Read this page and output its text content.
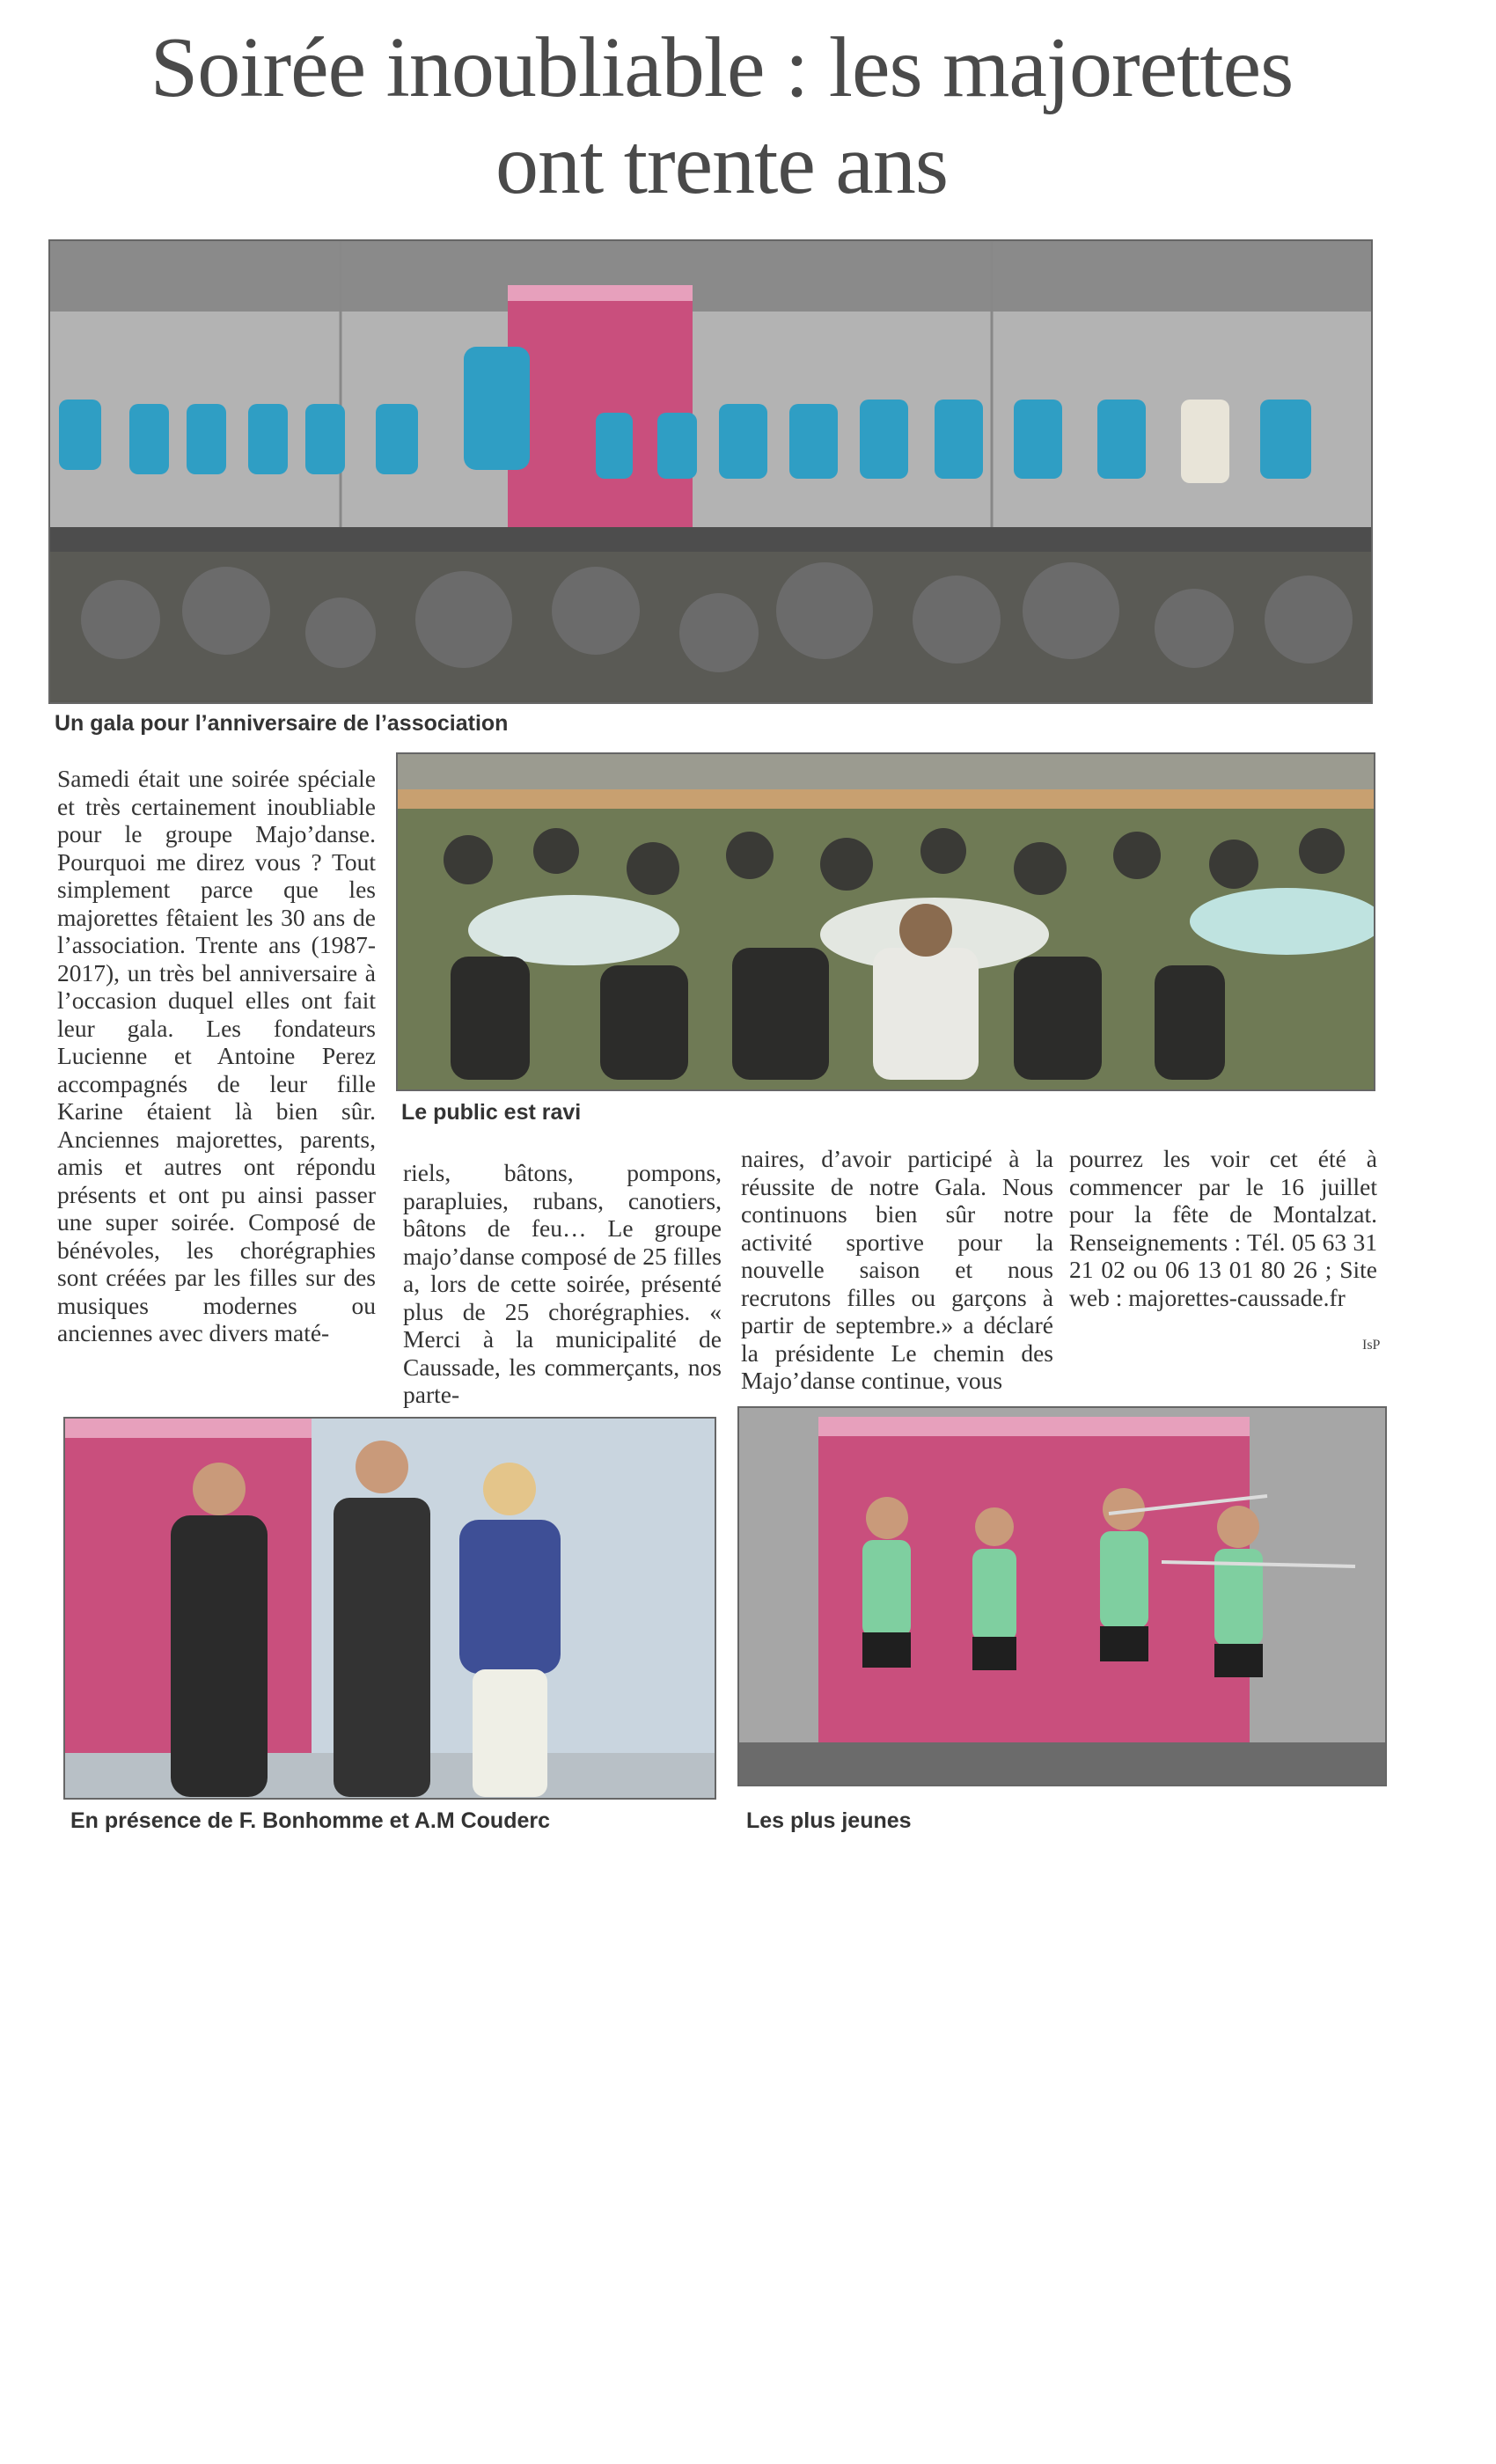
Soirée inoubliable : les majorettes
ont trente ans
Un gala pour l’anniversaire de l’association
Le public est ravi

Samedi était une soirée spéciale et très certainement inoubliable pour le groupe Majo’danse. Pourquoi me direz vous ? Tout simplement parce que les majorettes fêtaient les 30 ans de l’association. Trente ans (1987-2017), un très bel anniversaire à l’occasion duquel elles ont fait leur gala. Les fondateurs Lucienne et Antoine Perez accompagnés de leur fille Karine étaient là bien sûr. Anciennes majorettes, parents, amis et autres ont répondu présents et ont pu ainsi passer une super soirée. Composé de bénévoles, les chorégraphies sont créées par les filles sur des musiques modernes ou anciennes avec divers maté-

riels, bâtons, pompons, parapluies, rubans, canotiers, bâtons de feu… Le groupe majo’danse composé de 25 filles a, lors de cette soirée, présenté plus de 25 chorégraphies. « Merci à la municipalité de Caussade, les commerçants, nos parte-

naires, d’avoir participé à la réussite de notre Gala. Nous continuons bien sûr notre activité sportive pour la nouvelle saison et nous recrutons filles ou garçons à partir de septembre.» a déclaré la présidente Le chemin des Majo’danse continue, vous

pourrez les voir cet été à commencer par le 16 juillet pour la fête de Montalzat. Renseignements : Tél. 05 63 31 21 02 ou 06 13 01 80 26 ; Site web : majorettes-caussade.fr

IsP
En présence de F. Bonhomme et A.M Couderc	Les plus jeunes
